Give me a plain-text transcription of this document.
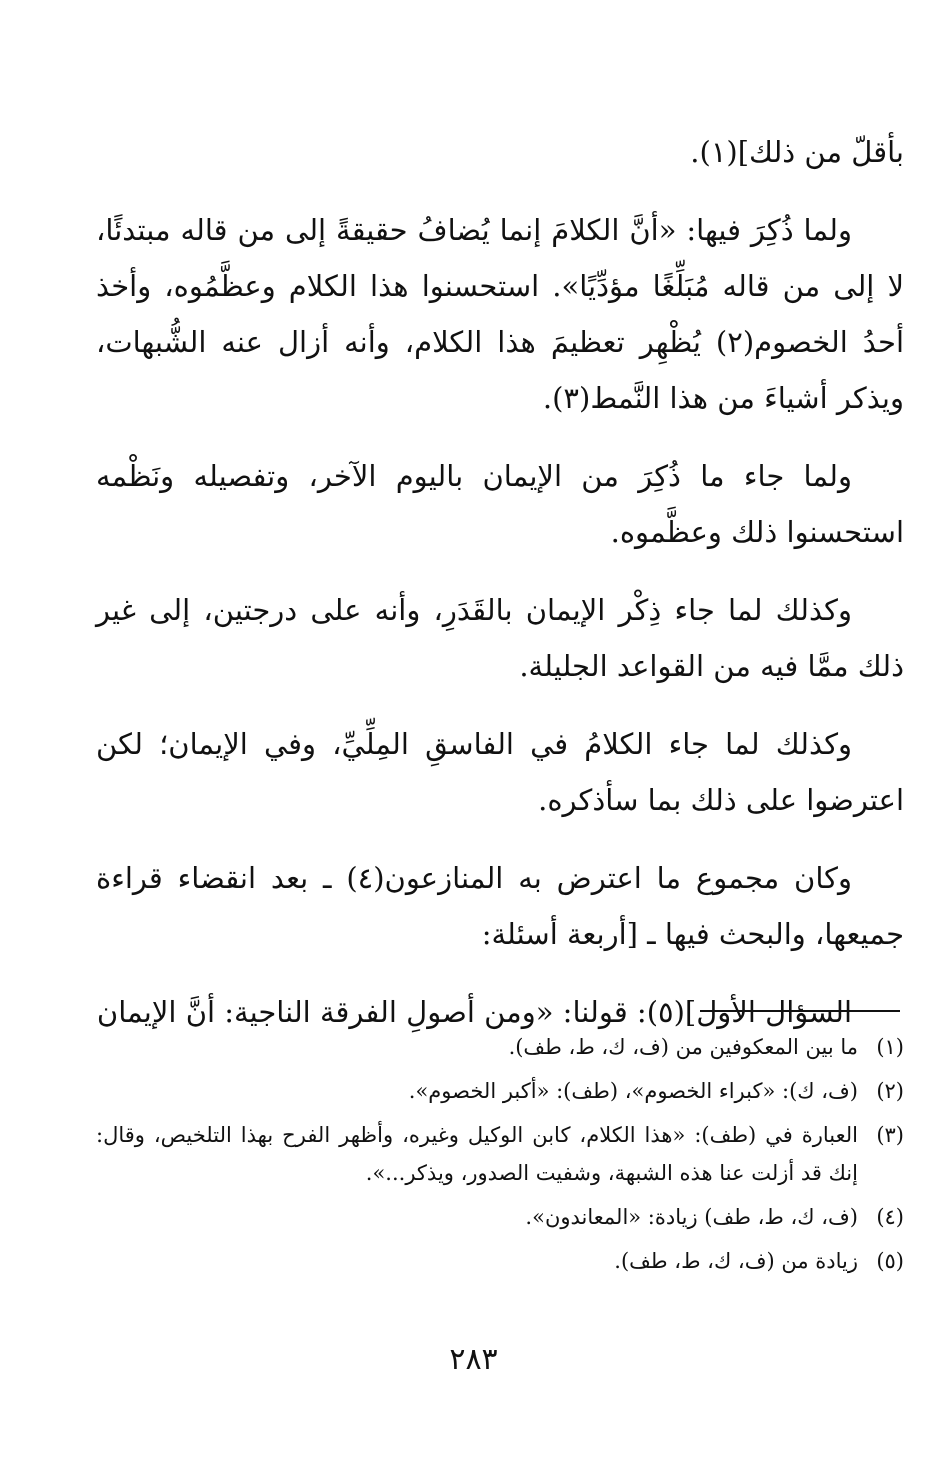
بأقلّ من ذلك](١).

ولما ذُكِرَ فيها: «أنَّ الكلامَ إنما يُضافُ حقيقةً إلى من قاله مبتدئًا، لا إلى من قاله مُبَلِّغًا مؤدِّيًا». استحسنوا هذا الكلام وعظَّمُوه، وأخذ أحدُ الخصوم(٢) يُظْهِر تعظيمَ هذا الكلام، وأنه أزال عنه الشُّبهات، ويذكر أشياءَ من هذا النَّمط(٣).

ولما جاء ما ذُكِرَ من الإيمان باليوم الآخر، وتفصيله ونَظْمه استحسنوا ذلك وعظَّموه.

وكذلك لما جاء ذِكْر الإيمان بالقَدَرِ، وأنه على درجتين، إلى غير ذلك ممَّا فيه من القواعد الجليلة.

وكذلك لما جاء الكلامُ في الفاسقِ المِلِّيِّ، وفي الإيمان؛ لكن اعترضوا على ذلك بما سأذكره.

وكان مجموع ما اعترض به المنازعون(٤) ـ بعد انقضاء قراءة جميعها، والبحث فيها ـ [أربعة أسئلة:

السؤال الأول](٥): قولنا: «ومن أصولِ الفرقة الناجية: أنَّ الإيمان

(١)
ما بين المعكوفين من (ف، ك، ط، طف).
(٢)
(ف، ك): «كبراء الخصوم»، (طف): «أكبر الخصوم».
(٣)
العبارة في (طف): «هذا الكلام، كابن الوكيل وغيره، وأظهر الفرح بهذا التلخيص، وقال: إنك قد أزلت عنا هذه الشبهة، وشفيت الصدور، ويذكر...».
(٤)
(ف، ك، ط، طف) زيادة: «المعاندون».
(٥)
زيادة من (ف، ك، ط، طف).
٢٨٣
